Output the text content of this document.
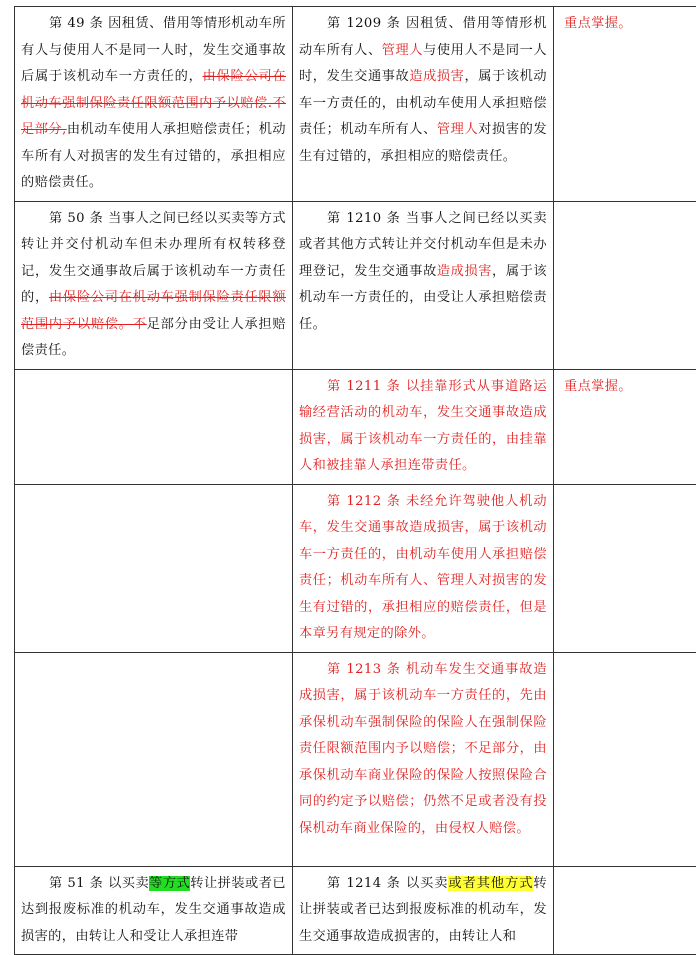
第 49 条 因租赁、借用等情形机动车所有人与使用人不是同一人时，发生交通事故后属于该机动车一方责任的，由保险公司在机动车强制保险责任限额范围内予以赔偿.不足部分,由机动车使用人承担赔偿责任；机动车所有人对损害的发生有过错的，承担相应的赔偿责任。	第 1209 条 因租赁、借用等情形机动车所有人、管理人与使用人不是同一人时，发生交通事故造成损害，属于该机动车一方责任的，由机动车使用人承担赔偿责任；机动车所有人、管理人对损害的发生有过错的，承担相应的赔偿责任。	重点掌握。

第 50 条 当事人之间已经以买卖等方式转让并交付机动车但未办理所有权转移登记，发生交通事故后属于该机动车一方责任的，由保险公司在机动车强制保险责任限额范围内予以赔偿。不足部分由受让人承担赔偿责任。	第 1210 条 当事人之间已经以买卖或者其他方式转让并交付机动车但是未办理登记，发生交通事故造成损害，属于该机动车一方责任的，由受让人承担赔偿责任。	

	第 1211 条 以挂靠形式从事道路运输经营活动的机动车，发生交通事故造成损害，属于该机动车一方责任的，由挂靠人和被挂靠人承担连带责任。	重点掌握。

	第 1212 条 未经允许驾驶他人机动车，发生交通事故造成损害，属于该机动车一方责任的，由机动车使用人承担赔偿责任；机动车所有人、管理人对损害的发生有过错的，承担相应的赔偿责任，但是本章另有规定的除外。	

	第 1213 条 机动车发生交通事故造成损害，属于该机动车一方责任的，先由承保机动车强制保险的保险人在强制保险责任限额范围内予以赔偿；不足部分，由承保机动车商业保险的保险人按照保险合同的约定予以赔偿；仍然不足或者没有投保机动车商业保险的，由侵权人赔偿。	

第 51 条 以买卖等方式转让拼装或者已达到报废标准的机动车，发生交通事故造成损害的，由转让人和受让人承担连带	第 1214 条 以买卖或者其他方式转让拼装或者已达到报废标准的机动车，发生交通事故造成损害的，由转让人和	
